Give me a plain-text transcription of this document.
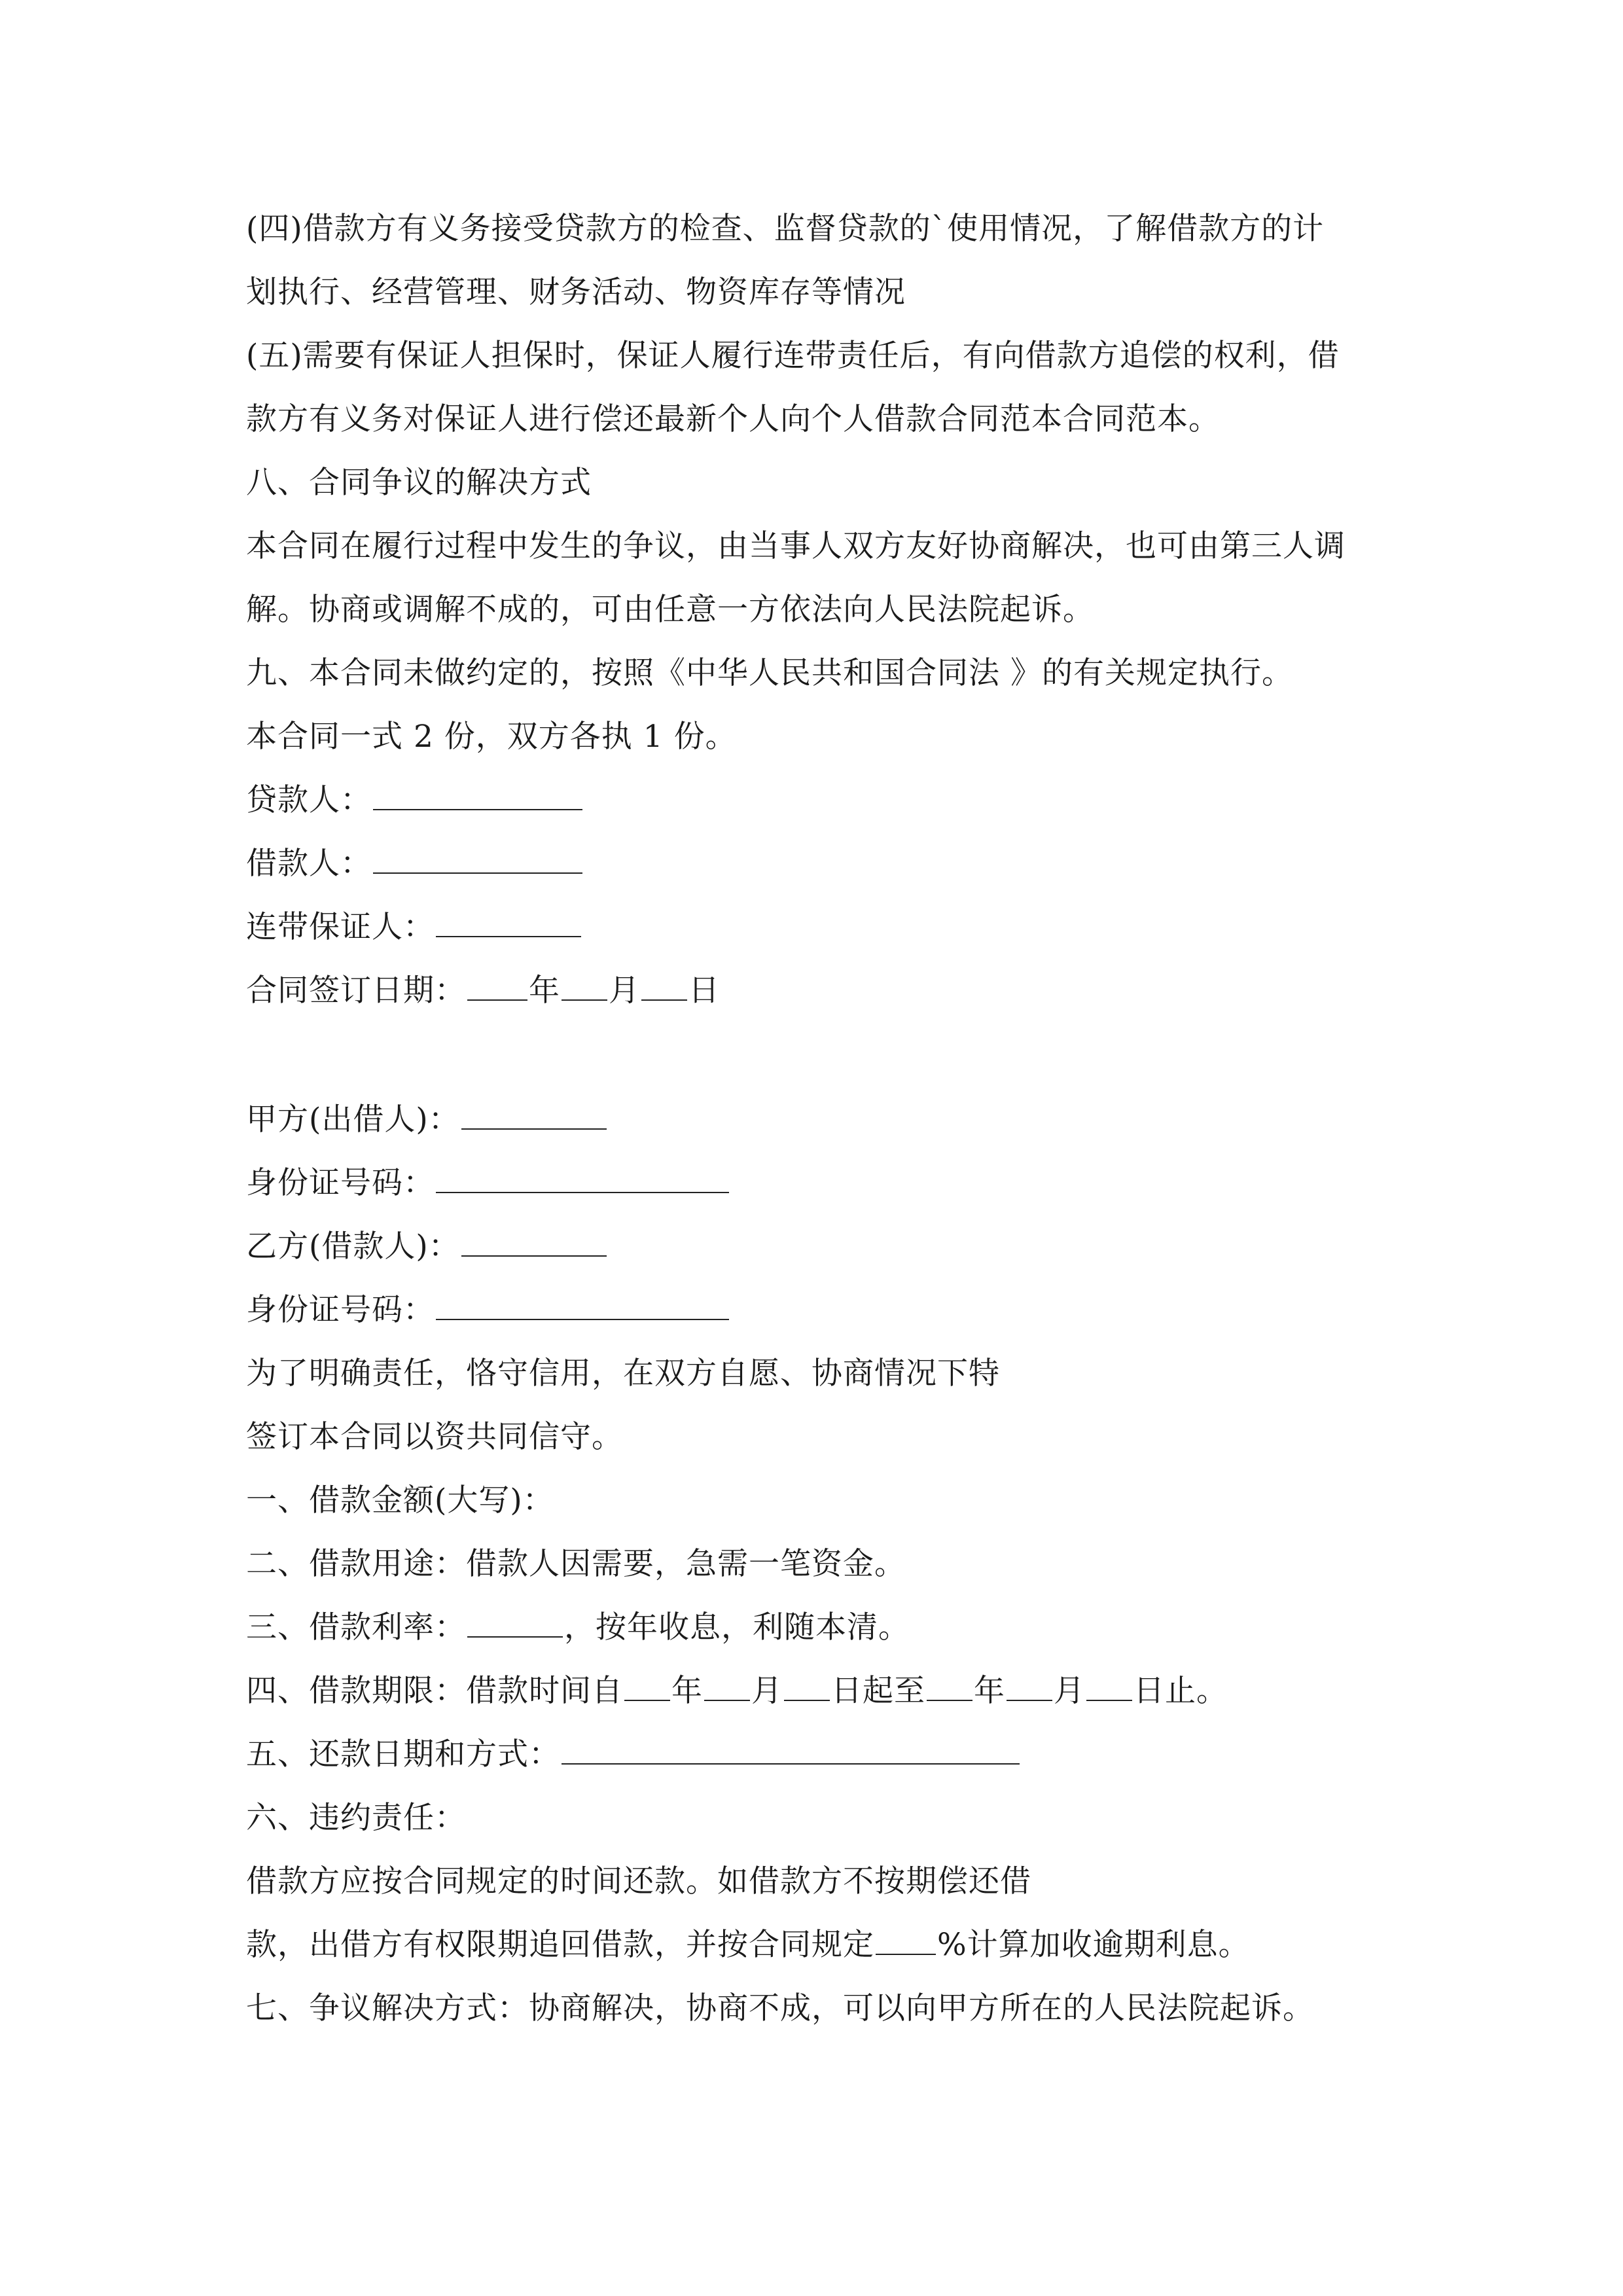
(四)借款方有义务接受贷款方的检查、监督贷款的`使用情况，了解借款方的计
划执行、经营管理、财务活动、物资库存等情况
(五)需要有保证人担保时，保证人履行连带责任后，有向借款方追偿的权利，借
款方有义务对保证人进行偿还最新个人向个人借款合同范本合同范本。
八、合同争议的解决方式
本合同在履行过程中发生的争议，由当事人双方友好协商解决，也可由第三人调
解。协商或调解不成的，可由任意一方依法向人民法院起诉。
九、本合同未做约定的，按照《中华人民共和国合同法 》的有关规定执行。
本合同一式 2 份，双方各执 1 份。
贷款人：
借款人：
连带保证人：
合同签订日期： 年 月 日
甲方(出借人)：
身份证号码：
乙方(借款人)：
身份证号码：
为了明确责任，恪守信用，在双方自愿、协商情况下特
签订本合同以资共同信守。
一、借款金额(大写)：
二、借款用途：借款人因需要，急需一笔资金。
三、借款利率：	，按年收息，利随本清。
四、借款期限：借款时间自 年 月 日起至 年 月 日止。
五、还款日期和方式：
六、违约责任：
借款方应按合同规定的时间还款。如借款方不按期偿还借
款，出借方有权限期追回借款，并按合同规定 %计算加收逾期利息。
七、争议解决方式：协商解决，协商不成，可以向甲方所在的人民法院起诉。
